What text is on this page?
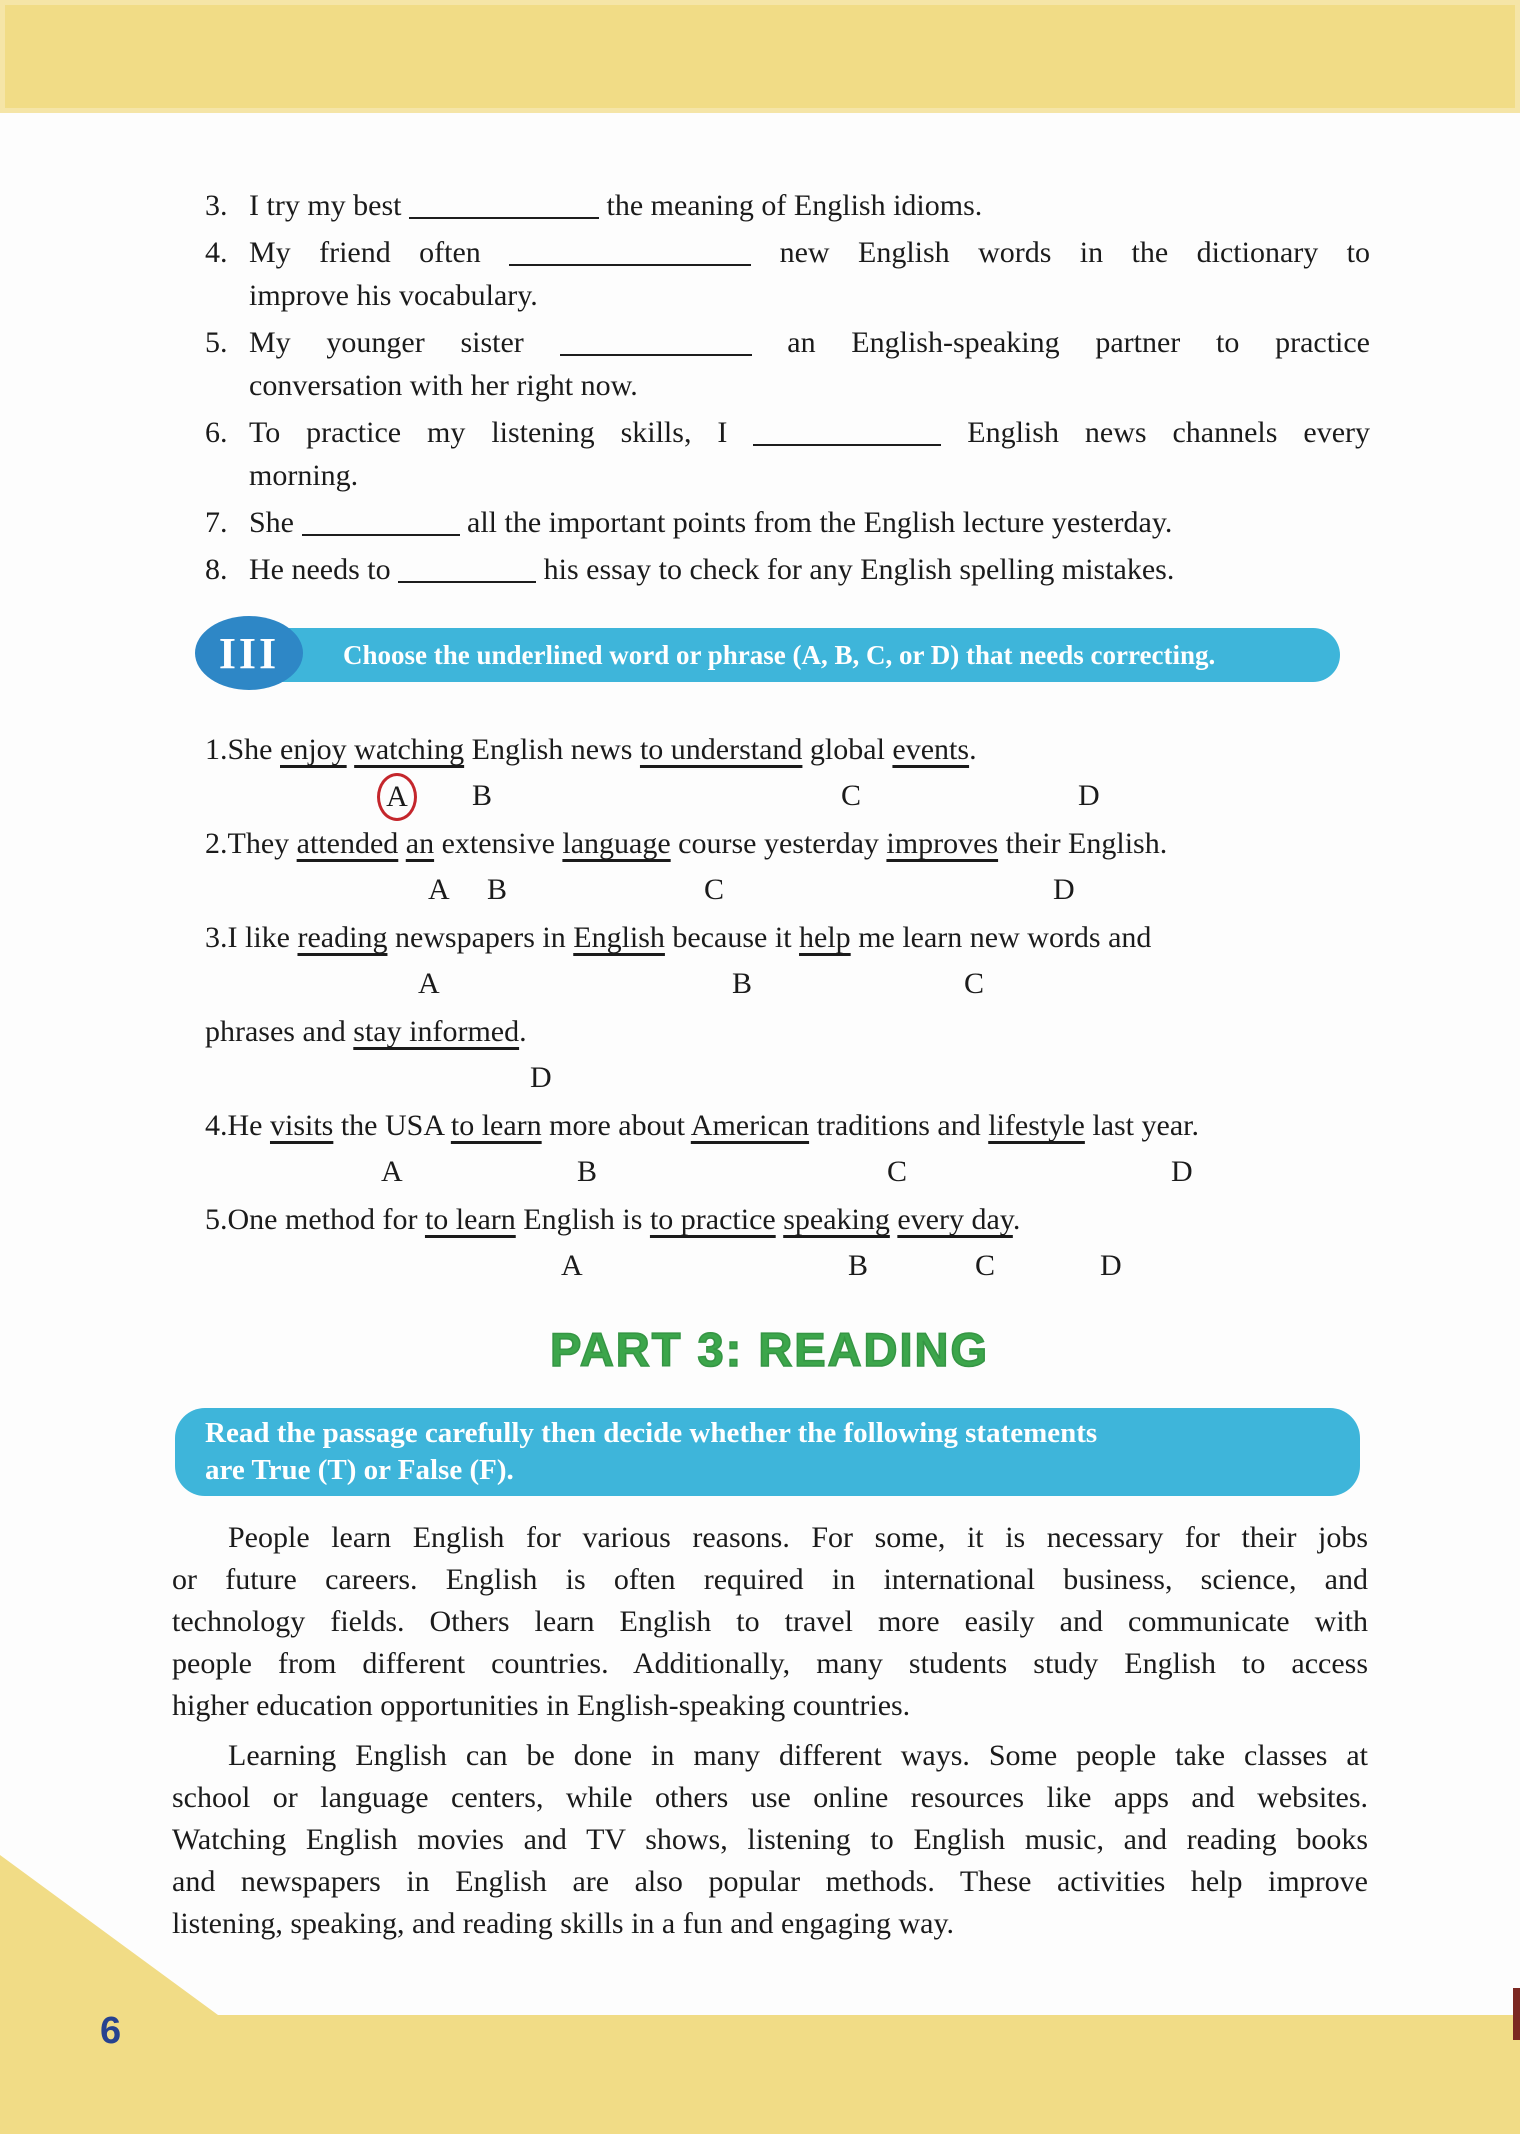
3. I try my best	the meaning of English idioms.
4. My friend often	new English words in the dictionary to
improve his vocabulary.
5. My younger sister	an English-speaking partner to practice
conversation with her right now.
6. To practice my listening skills, I	English news channels every
morning.
7. She	all the important points from the English lecture yesterday.
8. He needs to	his essay to check for any English spelling mistakes.
Choose the underlined word or phrase (A, B, C, or D) that needs correcting.
III
1.She enjoy watching English news to understand global events.
A	B	C	D
2.They attended an extensive language course yesterday improves their English.
A B	C	D
3.I like reading newspapers in English because it help me learn new words and
A	B	C
phrases and stay informed.
D
4.He visits the USA to learn more about American traditions and lifestyle last year.
A	B	C	D
5.One method for to learn English is to practice speaking every day.
A	B	C	D
PART 3: READING
Read the passage carefully then decide whether the following statements
are True (T) or False (F).
People learn English for various reasons. For some, it is necessary for their jobs
or future careers. English is often required in international business, science, and
technology fields. Others learn English to travel more easily and communicate with
people from different countries. Additionally, many students study English to access
higher education opportunities in English-speaking countries.
Learning English can be done in many different ways. Some people take classes at
school or language centers, while others use online resources like apps and websites.
Watching English movies and TV shows, listening to English music, and reading books
and newspapers in English are also popular methods. These activities help improve
listening, speaking, and reading skills in a fun and engaging way.
6
